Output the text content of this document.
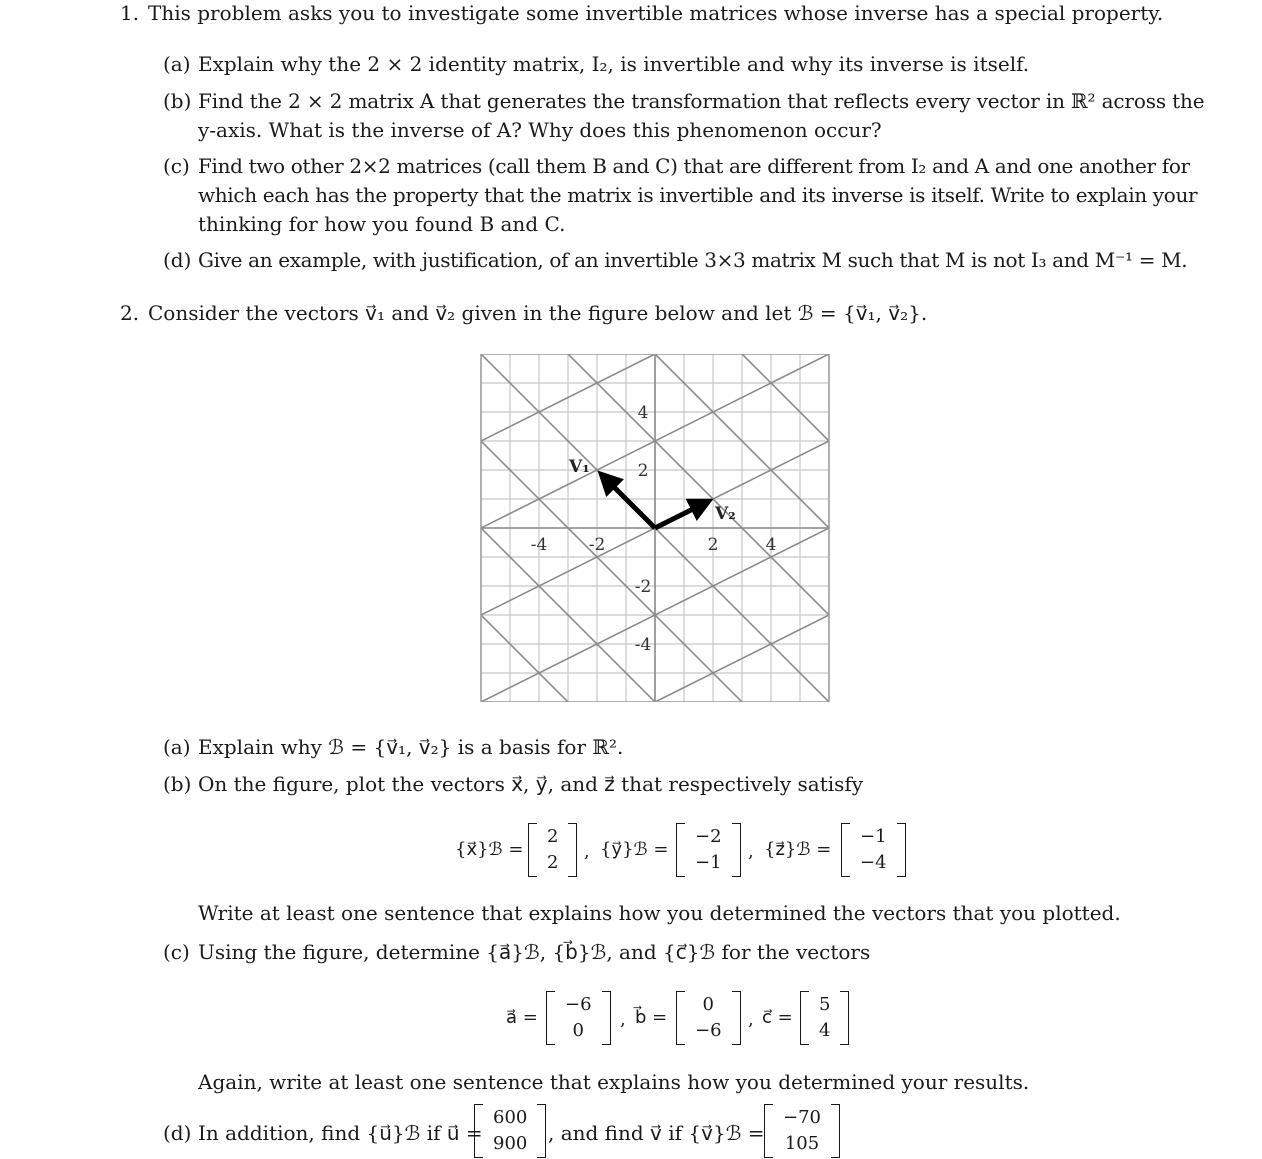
1. This problem asks you to investigate some invertible matrices whose inverse has a special property.
(a) Explain why the 2 × 2 identity matrix, I₂, is invertible and why its inverse is itself.
(b) Find the 2 × 2 matrix A that generates the transformation that reflects every vector in ℝ² across the
y-axis. What is the inverse of A? Why does this phenomenon occur?
(c) Find two other 2×2 matrices (call them B and C) that are different from I₂ and A and one another for
which each has the property that the matrix is invertible and its inverse is itself. Write to explain your
thinking for how you found B and C.
(d) Give an example, with justification, of an invertible 3×3 matrix M such that M is not I₃ and M⁻¹ = M.
2. Consider the vectors v⃗₁ and v⃗₂ given in the figure below and let ℬ = {v⃗₁, v⃗₂}.
-4 -2	2	4
4
2
-2
-4
V₁
V₂
(a) Explain why ℬ = {v⃗₁, v⃗₂} is a basis for ℝ².
(b) On the figure, plot the vectors x⃗, y⃗, and z⃗ that respectively satisfy
{x⃗}ℬ =
2
2
, {y⃗}ℬ =
−2
−1
, {z⃗}ℬ =
−1
−4
Write at least one sentence that explains how you determined the vectors that you plotted.
(c) Using the figure, determine {a⃗}ℬ, {b⃗}ℬ, and {c⃗}ℬ for the vectors
a⃗ =
−6
0
, b⃗ =
0
−6
, c⃗ =
5
4
Again, write at least one sentence that explains how you determined your results.
(d) In addition, find {u⃗}ℬ if u⃗ =
600
900 , and find v⃗ if {v⃗}ℬ =
−70
105
